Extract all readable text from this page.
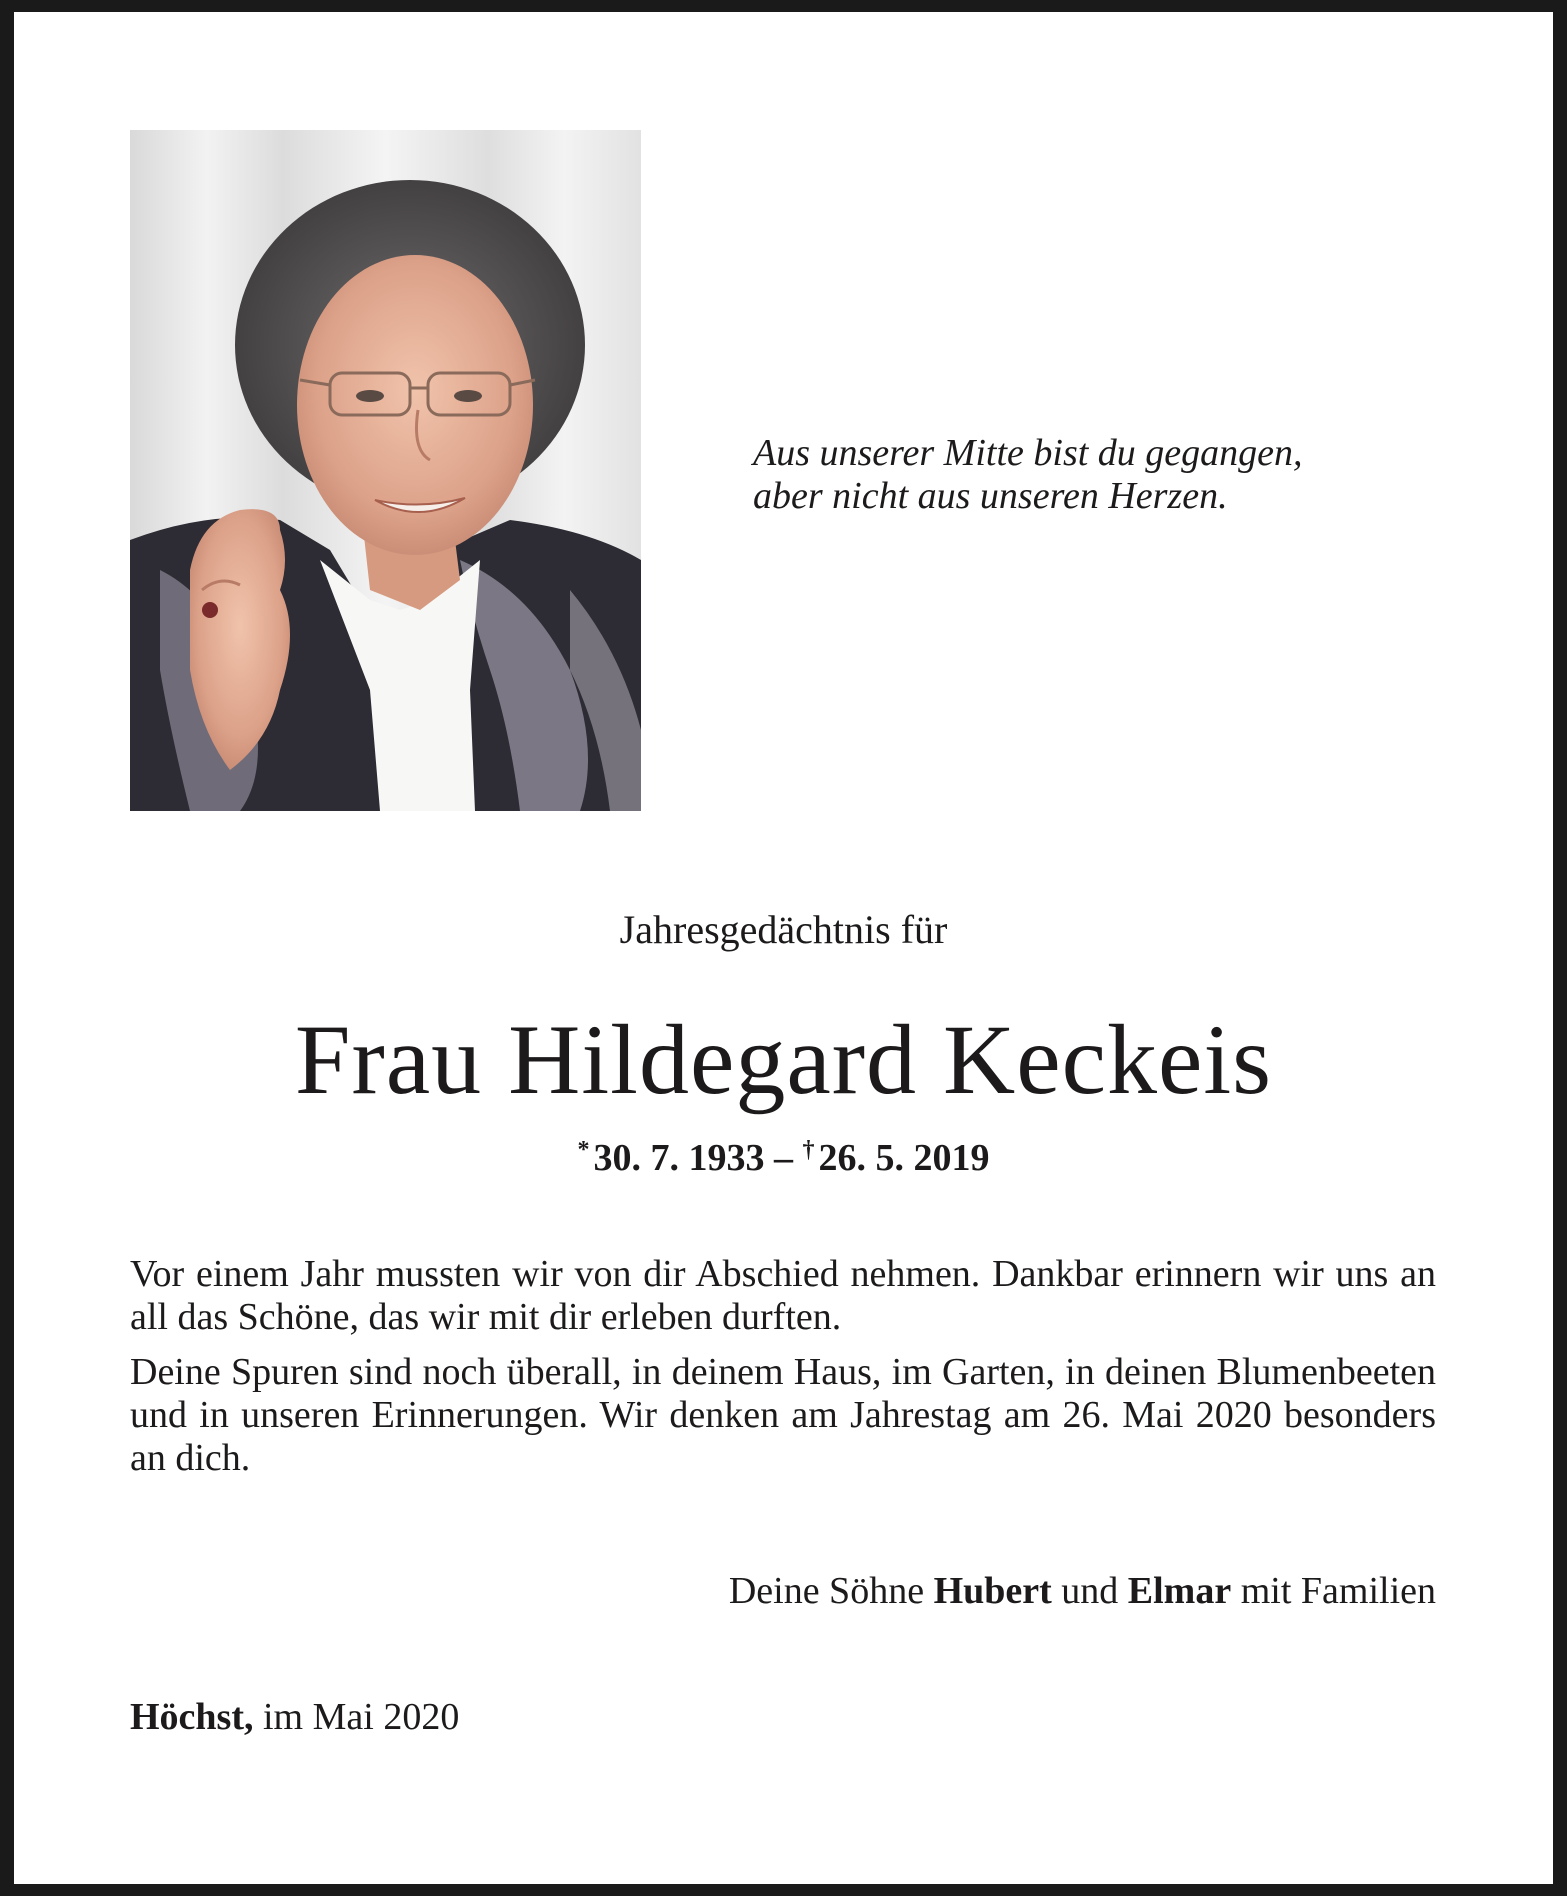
Aus unserer Mitte bist du gegangen,
aber nicht aus unseren Herzen.
Jahresgedächtnis für
Frau Hildegard Keckeis
* 30. 7. 1933 – † 26. 5. 2019

Vor einem Jahr mussten wir von dir Abschied nehmen. Dankbar erinnern wir uns an all das Schöne, das wir mit dir erleben durften.

Deine Spuren sind noch überall, in deinem Haus, im Garten, in deinen Blumenbeeten und in unseren Erinnerungen. Wir denken am Jahrestag am 26. Mai 2020 besonders an dich.

Deine Söhne Hubert und Elmar mit Familien
Höchst, im Mai 2020
